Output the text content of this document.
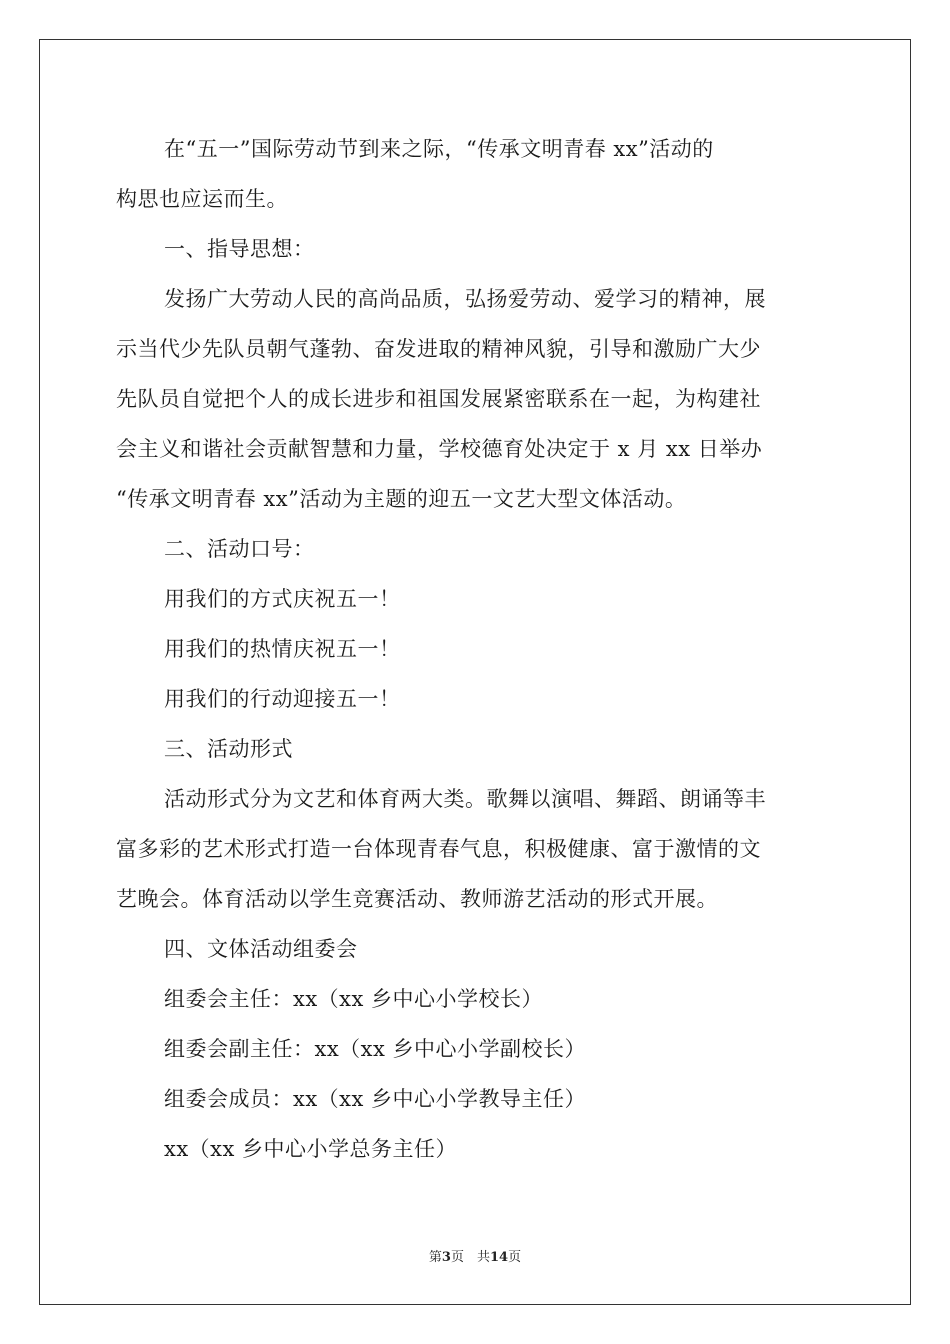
在“五一”国际劳动节到来之际，“传承文明青春 xx”活动的
构思也应运而生。
一、指导思想：
发扬广大劳动人民的高尚品质，弘扬爱劳动、爱学习的精神，展
示当代少先队员朝气蓬勃、奋发进取的精神风貌，引导和激励广大少
先队员自觉把个人的成长进步和祖国发展紧密联系在一起，为构建社
会主义和谐社会贡献智慧和力量，学校德育处决定于 x 月 xx 日举办
“传承文明青春 xx”活动为主题的迎五一文艺大型文体活动。
二、活动口号：
用我们的方式庆祝五一！
用我们的热情庆祝五一！
用我们的行动迎接五一！
三、活动形式
活动形式分为文艺和体育两大类。歌舞以演唱、舞蹈、朗诵等丰
富多彩的艺术形式打造一台体现青春气息，积极健康、富于激情的文
艺晚会。体育活动以学生竞赛活动、教师游艺活动的形式开展。
四、文体活动组委会
组委会主任：xx（xx 乡中心小学校长）
组委会副主任：xx（xx 乡中心小学副校长）
组委会成员：xx（xx 乡中心小学教导主任）
xx（xx 乡中心小学总务主任）
第3页　共14页
